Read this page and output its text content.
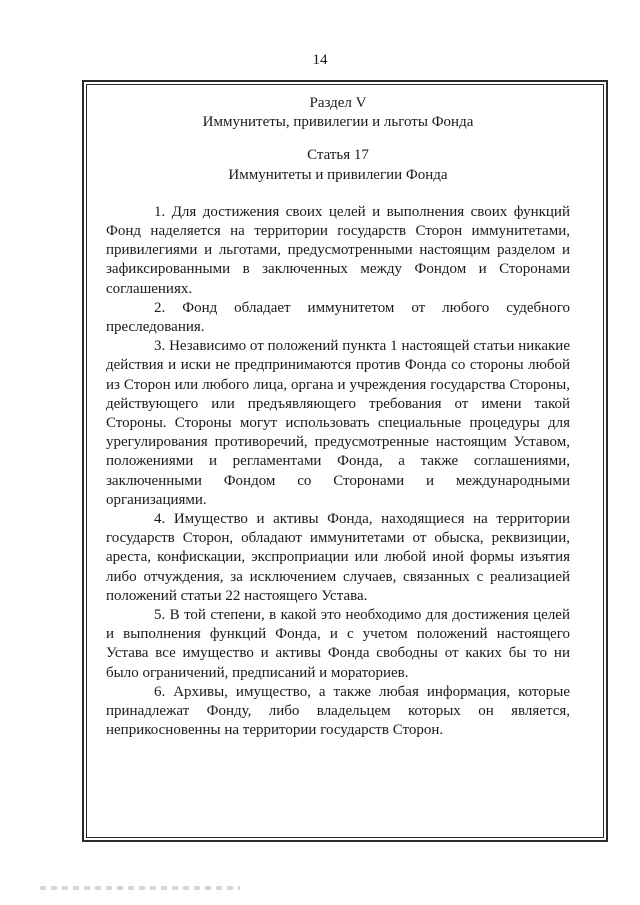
14

Раздел V

Иммунитеты, привилегии и льготы Фонда

Статья 17

Иммунитеты и привилегии Фонда

1. Для достижения своих целей и выполнения своих функций Фонд наделяется на территории государств Сторон иммунитетами, привилегиями и льготами, предусмотренными настоящим разделом и зафиксированными в заключенных между Фондом и Сторонами соглашениях.

2. Фонд обладает иммунитетом от любого судебного преследования.

3. Независимо от положений пункта 1 настоящей статьи никакие действия и иски не предпринимаются против Фонда со стороны любой из Сторон или любого лица, органа и учреждения государства Стороны, действующего или предъявляющего требования от имени такой Стороны. Стороны могут использовать специальные процедуры для урегулирования противоречий, предусмотренные настоящим Уставом, положениями и регламентами Фонда, а также соглашениями, заключенными Фондом со Сторонами и международными организациями.

4. Имущество и активы Фонда, находящиеся на территории государств Сторон, обладают иммунитетами от обыска, реквизиции, ареста, конфискации, экспроприации или любой иной формы изъятия либо отчуждения, за исключением случаев, связанных с реализацией положений статьи 22 настоящего Устава.

5. В той степени, в какой это необходимо для достижения целей и выполнения функций Фонда, и с учетом положений настоящего Устава все имущество и активы Фонда свободны от каких бы то ни было ограничений, предписаний и мораториев.

6. Архивы, имущество, а также любая информация, которые принадлежат Фонду, либо владельцем которых он является, неприкосновенны на территории государств Сторон.
